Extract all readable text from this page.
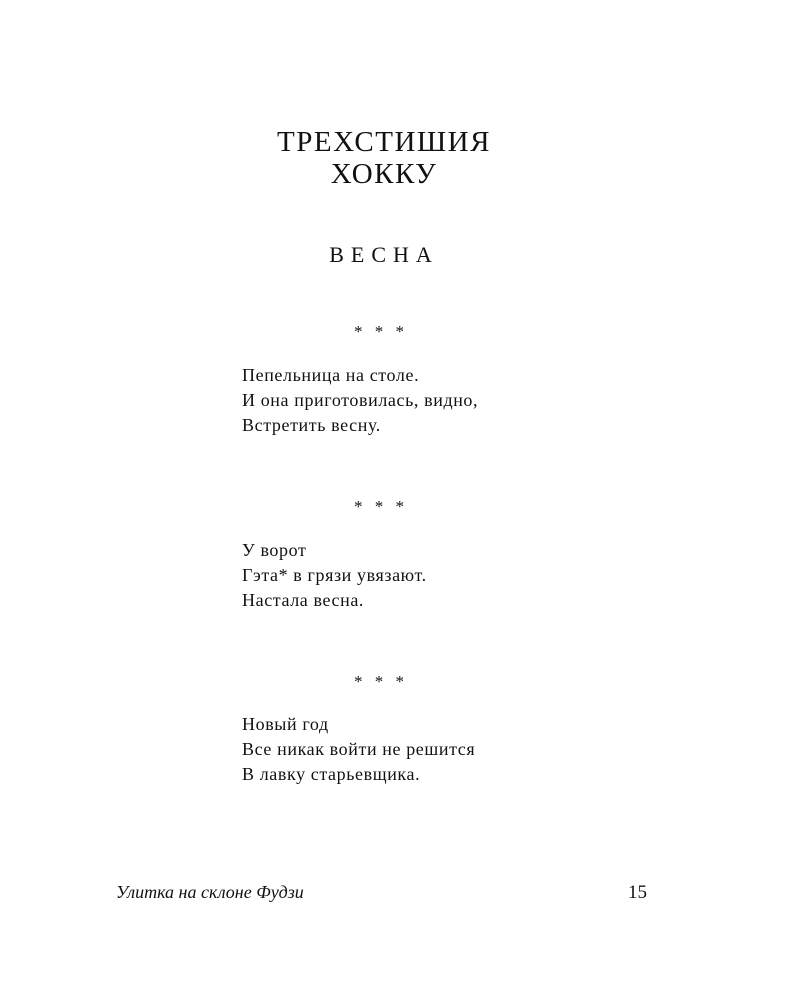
ТРЕХСТИШИЯ
ХОККУ
ВЕСНА
* * *
Пепельница на столе.
И она приготовилась, видно,
Встретить весну.
* * *
У ворот
Гэта* в грязи увязают.
Настала весна.
* * *
Новый год
Все никак войти не решится
В лавку старьевщика.
Улитка на склоне Фудзи	15
